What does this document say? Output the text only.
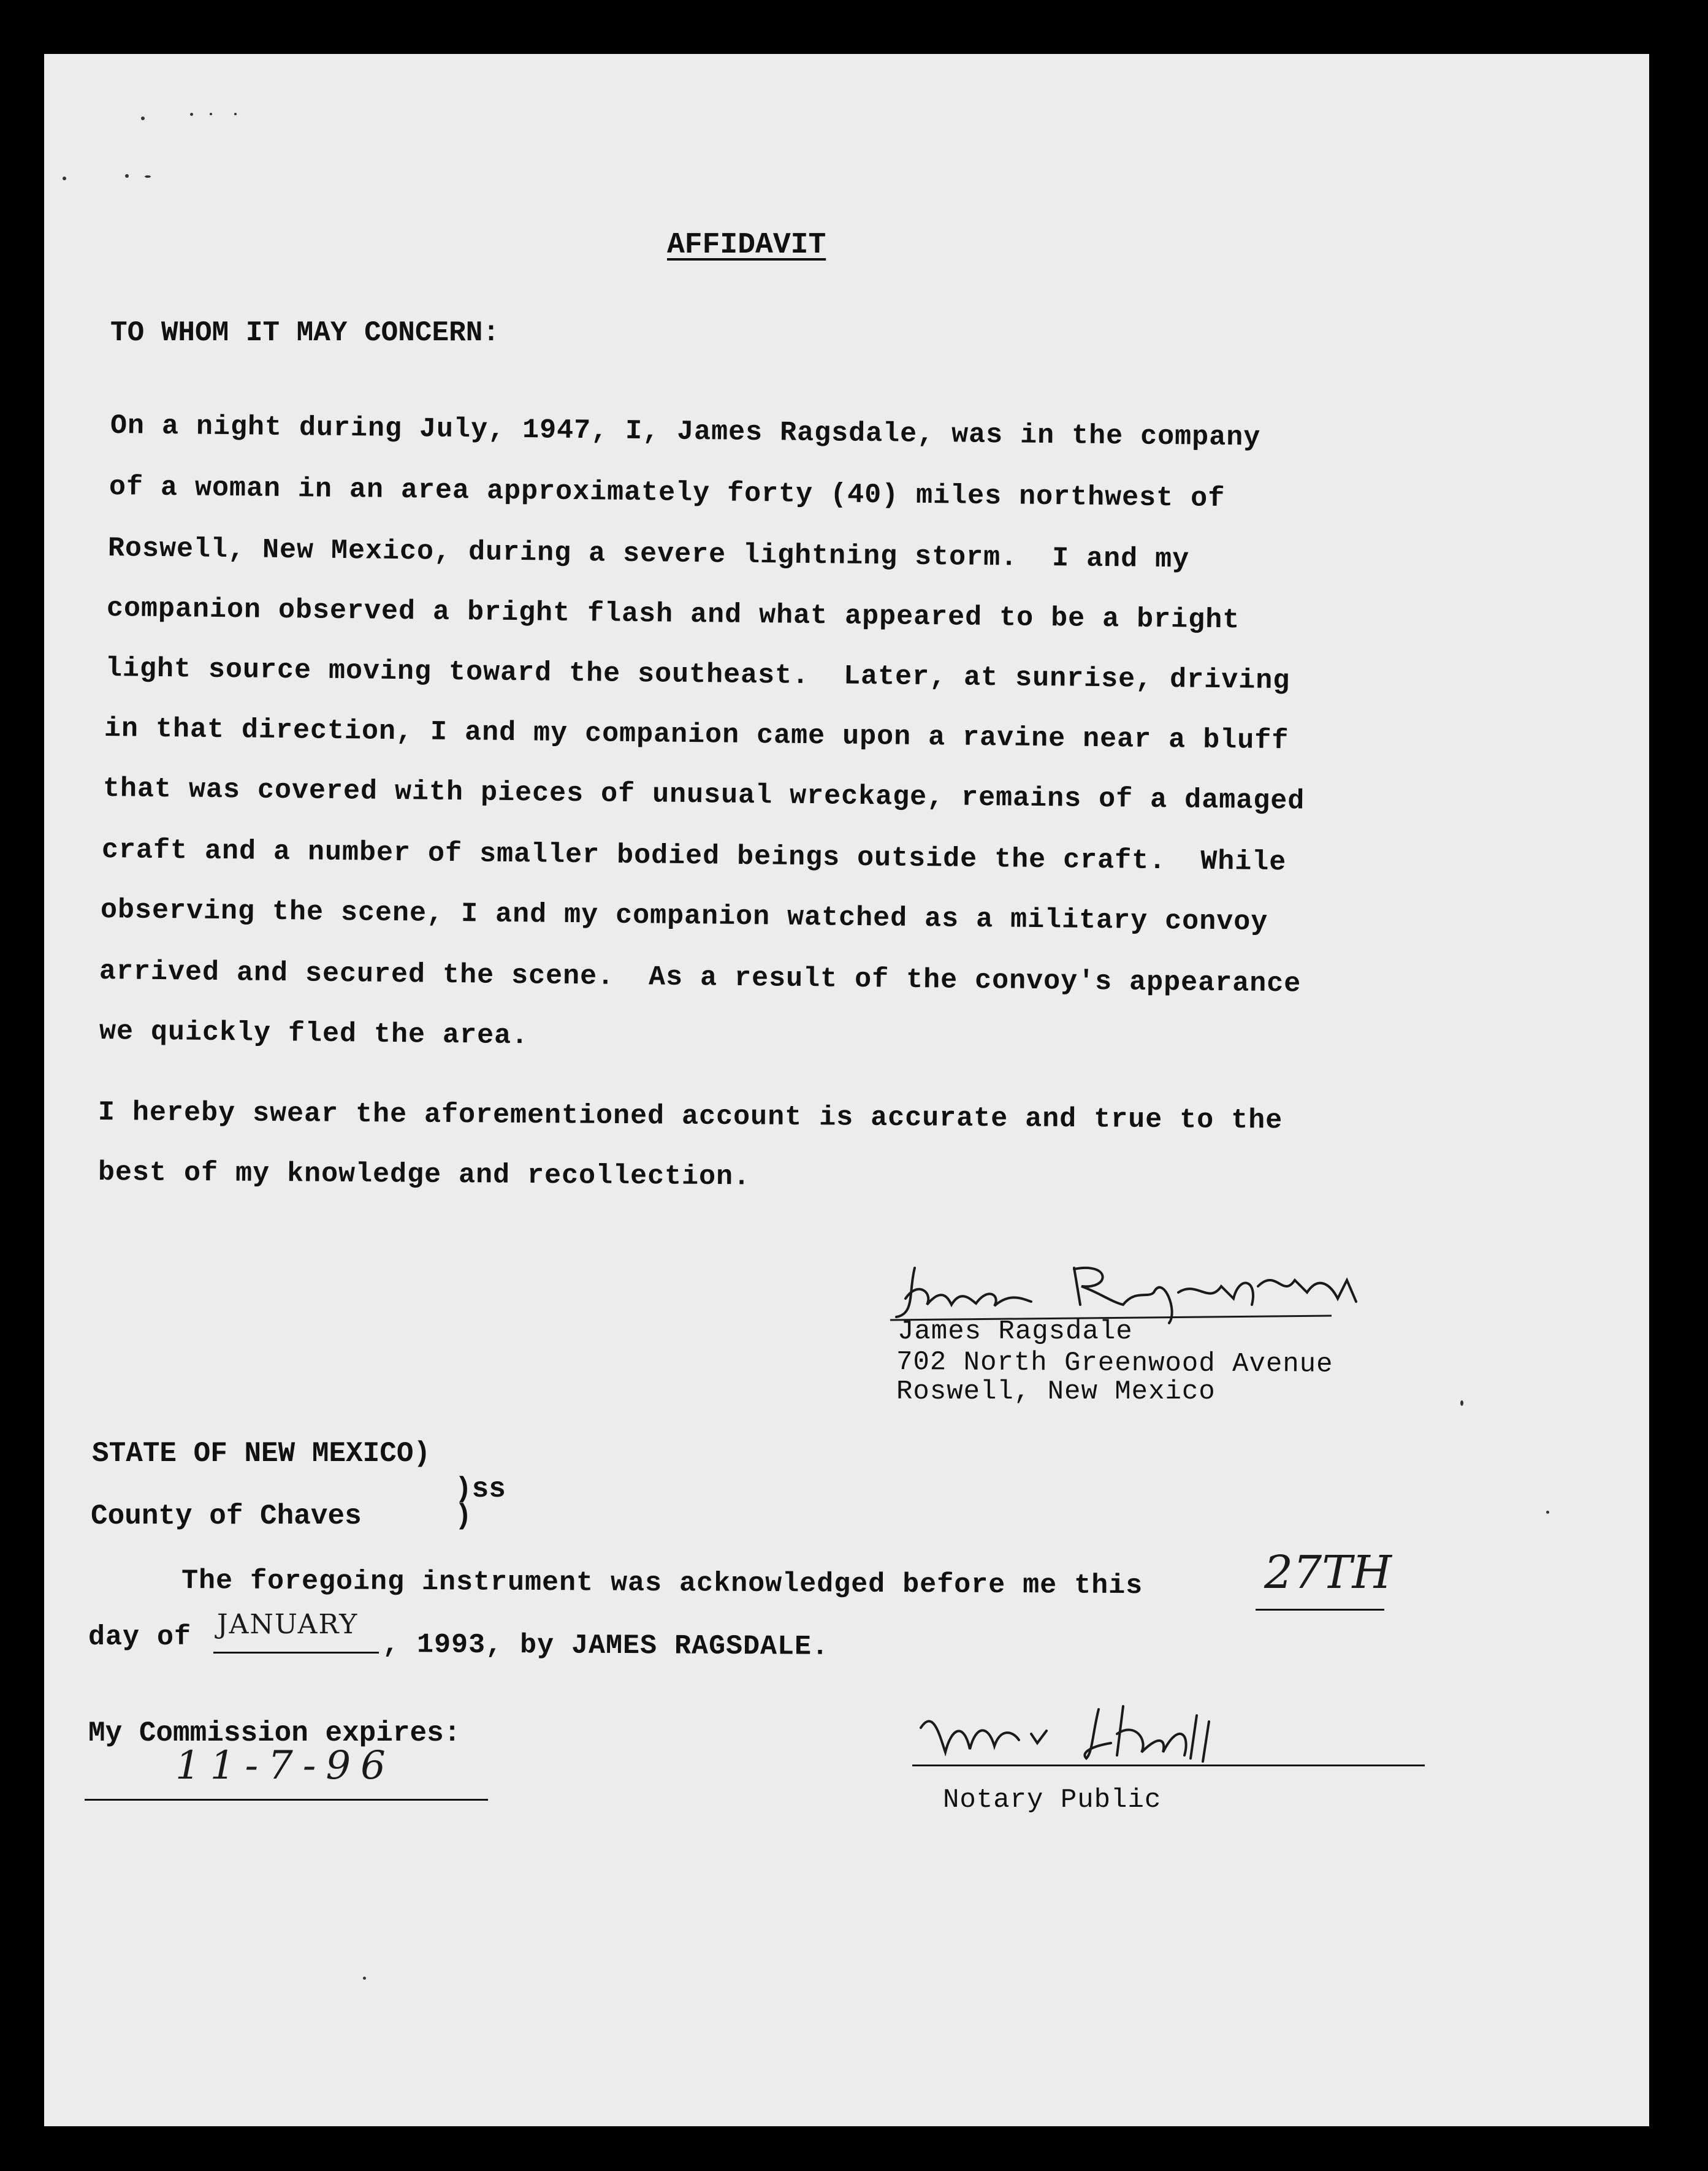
AFFIDAVIT
TO WHOM IT MAY CONCERN:
On a night during July, 1947, I, James Ragsdale, was in the company
of a woman in an area approximately forty (40) miles northwest of
Roswell, New Mexico, during a severe lightning storm.  I and my
companion observed a bright flash and what appeared to be a bright
light source moving toward the southeast.  Later, at sunrise, driving
in that direction, I and my companion came upon a ravine near a bluff
that was covered with pieces of unusual wreckage, remains of a damaged
craft and a number of smaller bodied beings outside the craft.  While
observing the scene, I and my companion watched as a military convoy
arrived and secured the scene.  As a result of the convoy's appearance
we quickly fled the area.
I hereby swear the aforementioned account is accurate and true to the
best of my knowledge and recollection.
James Ragsdale
702 North Greenwood Avenue
Roswell, New Mexico
STATE OF NEW MEXICO)
)ss
County of Chaves	)
The foregoing instrument was acknowledged before me this	27TH
day of JANUARY
, 1993, by JAMES RAGSDALE.
My Commission expires:
11-7-96
Notary Public
